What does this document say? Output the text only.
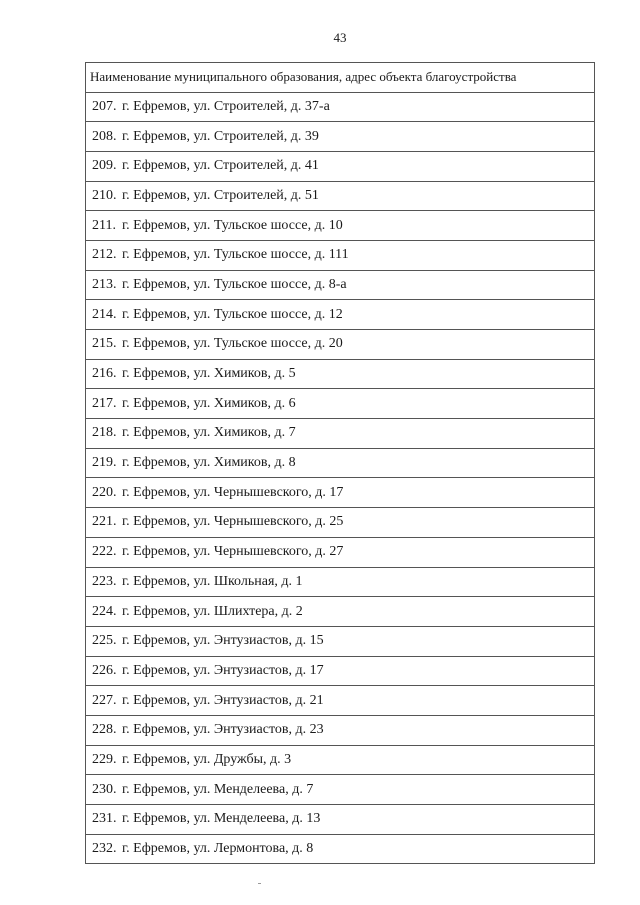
43
Наименование муниципального образования, адрес объекта благоустройства
207. г. Ефремов, ул. Строителей, д. 37-а
208. г. Ефремов, ул. Строителей, д. 39
209. г. Ефремов, ул. Строителей, д. 41
210. г. Ефремов, ул. Строителей, д. 51
211. г. Ефремов, ул. Тульское шоссе, д. 10
212. г. Ефремов, ул. Тульское шоссе, д. 111
213. г. Ефремов, ул. Тульское шоссе, д. 8-а
214. г. Ефремов, ул. Тульское шоссе, д. 12
215. г. Ефремов, ул. Тульское шоссе, д. 20
216. г. Ефремов, ул. Химиков, д. 5
217. г. Ефремов, ул. Химиков, д. 6
218. г. Ефремов, ул. Химиков, д. 7
219. г. Ефремов, ул. Химиков, д. 8
220. г. Ефремов, ул. Чернышевского, д. 17
221. г. Ефремов, ул. Чернышевского, д. 25
222. г. Ефремов, ул. Чернышевского, д. 27
223. г. Ефремов, ул. Школьная, д. 1
224. г. Ефремов, ул. Шлихтера, д. 2
225. г. Ефремов, ул. Энтузиастов, д. 15
226. г. Ефремов, ул. Энтузиастов, д. 17
227. г. Ефремов, ул. Энтузиастов, д. 21
228. г. Ефремов, ул. Энтузиастов, д. 23
229. г. Ефремов, ул. Дружбы, д. 3
230. г. Ефремов, ул. Менделеева, д. 7
231. г. Ефремов, ул. Менделеева, д. 13
232. г. Ефремов, ул. Лермонтова, д. 8
